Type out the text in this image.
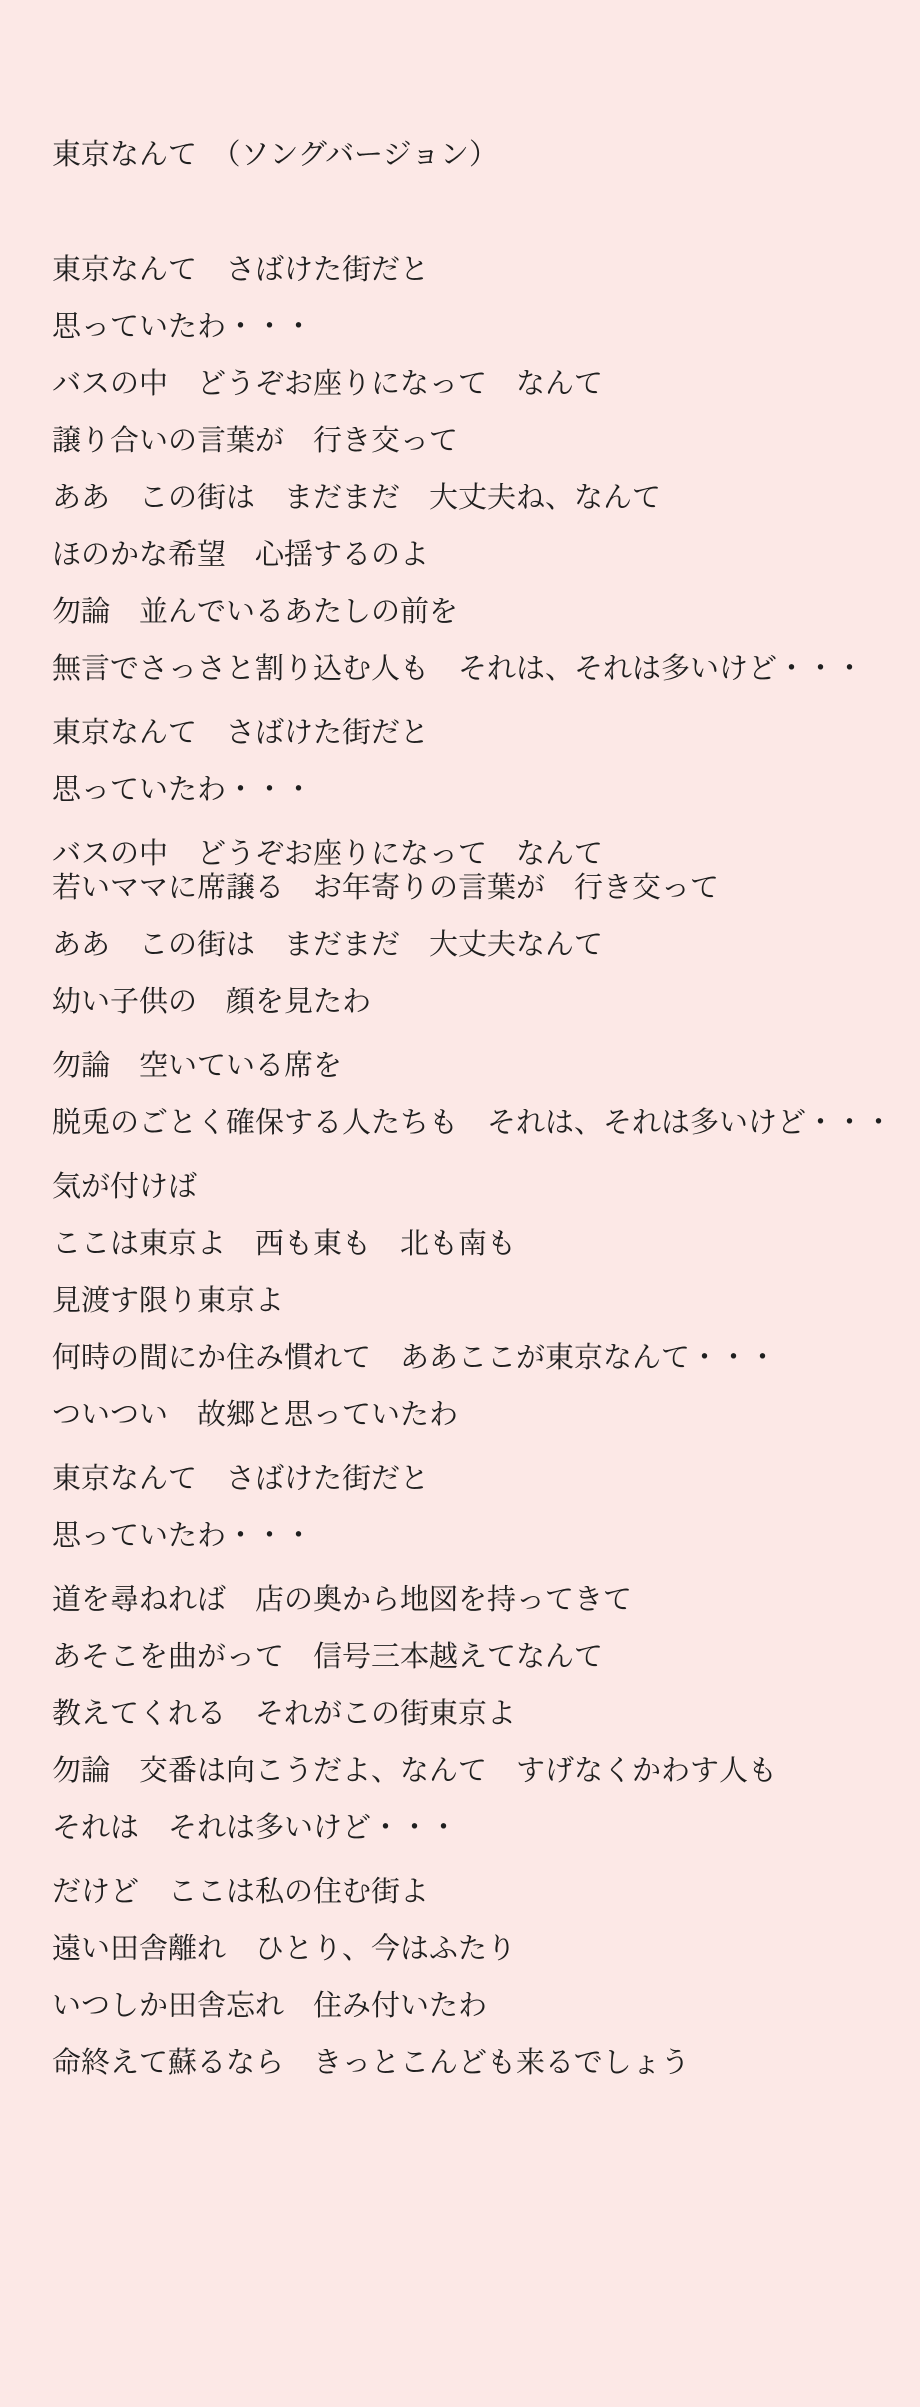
東京なんて　（ソングバージョン）

東京なんて　さばけた街だと

思っていたわ・・・

バスの中　どうぞお座りになって　なんて

譲り合いの言葉が　行き交って

ああ　この街は　まだまだ　大丈夫ね、なんて

ほのかな希望　心揺するのよ

勿論　並んでいるあたしの前を

無言でさっさと割り込む人も　それは、それは多いけど・・・

東京なんて　さばけた街だと

思っていたわ・・・

バスの中　どうぞお座りになって　なんて

若いママに席譲る　お年寄りの言葉が　行き交って

ああ　この街は　まだまだ　大丈夫なんて

幼い子供の　顔を見たわ

勿論　空いている席を

脱兎のごとく確保する人たちも　それは、それは多いけど・・・

気が付けば

ここは東京よ　西も東も　北も南も

見渡す限り東京よ

何時の間にか住み慣れて　ああここが東京なんて・・・

ついつい　故郷と思っていたわ

東京なんて　さばけた街だと

思っていたわ・・・

道を尋ねれば　店の奥から地図を持ってきて

あそこを曲がって　信号三本越えてなんて

教えてくれる　それがこの街東京よ

勿論　交番は向こうだよ、なんて　すげなくかわす人も

それは　それは多いけど・・・

だけど　ここは私の住む街よ

遠い田舎離れ　ひとり、今はふたり

いつしか田舎忘れ　住み付いたわ

命終えて蘇るなら　きっとこんども来るでしょう
